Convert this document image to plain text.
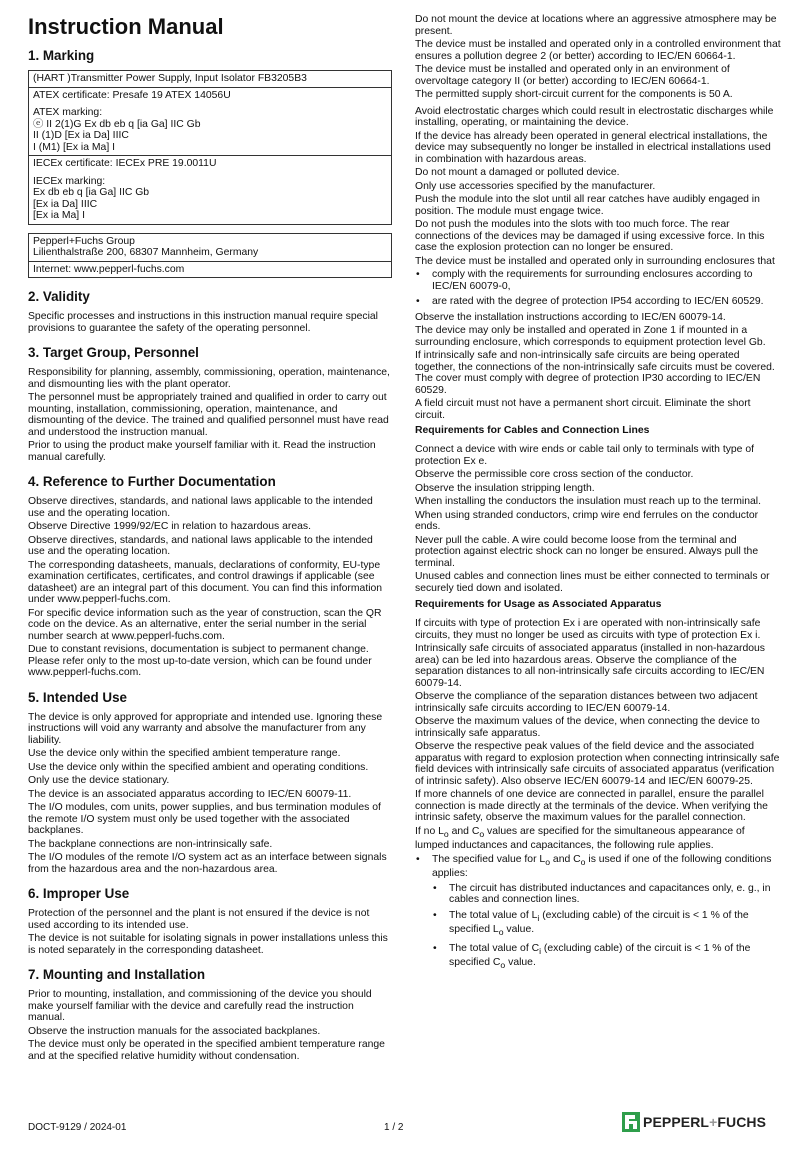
Instruction Manual
1. Marking
(HART )Transmitter Power Supply, Input Isolator FB3205B3
ATEX certificate: Presafe 19 ATEX 14056U
ATEX marking:
ⓔ II 2(1)G Ex db eb q [ia Ga] IIC Gb
II (1)D [Ex ia Da] IIIC
I (M1) [Ex ia Ma] I
IECEx certificate: IECEx PRE 19.0011U
IECEx marking:
Ex db eb q [ia Ga] IIC Gb
[Ex ia Da] IIIC
[Ex ia Ma] I
Pepperl+Fuchs Group
Lilienthalstraße 200, 68307 Mannheim, Germany
Internet: www.pepperl-fuchs.com
2. Validity

Specific processes and instructions in this instruction manual require special provisions to guarantee the safety of the operating personnel.

3. Target Group, Personnel

Responsibility for planning, assembly, commissioning, operation, maintenance, and dismounting lies with the plant operator.

The personnel must be appropriately trained and qualified in order to carry out mounting, installation, commissioning, operation, maintenance, and dismounting of the device. The trained and qualified personnel must have read and understood the instruction manual.

Prior to using the product make yourself familiar with it. Read the instruction manual carefully.

4. Reference to Further Documentation

Observe directives, standards, and national laws applicable to the intended use and the operating location.

Observe Directive 1999/92/EC in relation to hazardous areas.

Observe directives, standards, and national laws applicable to the intended use and the operating location.

The corresponding datasheets, manuals, declarations of conformity, EU-type examination certificates, certificates, and control drawings if applicable (see datasheet) are an integral part of this document. You can find this information under www.pepperl-fuchs.com.

For specific device information such as the year of construction, scan the QR code on the device. As an alternative, enter the serial number in the serial number search at www.pepperl-fuchs.com.

Due to constant revisions, documentation is subject to permanent change. Please refer only to the most up-to-date version, which can be found under www.pepperl-fuchs.com.

5. Intended Use

The device is only approved for appropriate and intended use. Ignoring these instructions will void any warranty and absolve the manufacturer from any liability.

Use the device only within the specified ambient temperature range.

Use the device only within the specified ambient and operating conditions.

Only use the device stationary.

The device is an associated apparatus according to IEC/EN 60079-11.

The I/O modules, com units, power supplies, and bus termination modules of the remote I/O system must only be used together with the associated backplanes.

The backplane connections are non-intrinsically safe.

The I/O modules of the remote I/O system act as an interface between signals from the hazardous area and the non-hazardous area.

6. Improper Use

Protection of the personnel and the plant is not ensured if the device is not used according to its intended use.

The device is not suitable for isolating signals in power installations unless this is noted separately in the corresponding datasheet.

7. Mounting and Installation

Prior to mounting, installation, and commissioning of the device you should make yourself familiar with the device and carefully read the instruction manual.

Observe the instruction manuals for the associated backplanes.

The device must only be operated in the specified ambient temperature range and at the specified relative humidity without condensation.

Do not mount the device at locations where an aggressive atmosphere may be present.

The device must be installed and operated only in a controlled environment that ensures a pollution degree 2 (or better) according to IEC/EN 60664-1.

The device must be installed and operated only in an environment of overvoltage category II (or better) according to IEC/EN 60664-1.

The permitted supply short-circuit current for the components is 50 A.

Avoid electrostatic charges which could result in electrostatic discharges while installing, operating, or maintaining the device.

If the device has already been operated in general electrical installations, the device may subsequently no longer be installed in electrical installations used in combination with hazardous areas.

Do not mount a damaged or polluted device.

Only use accessories specified by the manufacturer.

Push the module into the slot until all rear catches have audibly engaged in position. The module must engage twice.

Do not push the modules into the slots with too much force. The rear connections of the devices may be damaged if using excessive force. In this case the explosion protection can no longer be ensured.

The device must be installed and operated only in surrounding enclosures that

• comply with the requirements for surrounding enclosures according to IEC/EN 60079-0,
• are rated with the degree of protection IP54 according to IEC/EN 60529.

Observe the installation instructions according to IEC/EN 60079-14.

The device may only be installed and operated in Zone 1 if mounted in a surrounding enclosure, which corresponds to equipment protection level Gb.

If intrinsically safe and non-intrinsically safe circuits are being operated together, the connections of the non-intrinsically safe circuits must be covered. The cover must comply with degree of protection IP30 according to IEC/EN 60529.

A field circuit must not have a permanent short circuit. Eliminate the short circuit.

Requirements for Cables and Connection Lines

Connect a device with wire ends or cable tail only to terminals with type of protection Ex e.

Observe the permissible core cross section of the conductor.

Observe the insulation stripping length.

When installing the conductors the insulation must reach up to the terminal.

When using stranded conductors, crimp wire end ferrules on the conductor ends.

Never pull the cable. A wire could become loose from the terminal and protection against electric shock can no longer be ensured. Always pull the terminal.

Unused cables and connection lines must be either connected to terminals or securely tied down and isolated.

Requirements for Usage as Associated Apparatus

If circuits with type of protection Ex i are operated with non-intrinsically safe circuits, they must no longer be used as circuits with type of protection Ex i.

Intrinsically safe circuits of associated apparatus (installed in non-hazardous area) can be led into hazardous areas. Observe the compliance of the separation distances to all non-intrinsically safe circuits according to IEC/EN 60079-14.

Observe the compliance of the separation distances between two adjacent intrinsically safe circuits according to IEC/EN 60079-14.

Observe the maximum values of the device, when connecting the device to intrinsically safe apparatus.

Observe the respective peak values of the field device and the associated apparatus with regard to explosion protection when connecting intrinsically safe field devices with intrinsically safe circuits of associated apparatus (verification of intrinsic safety). Also observe IEC/EN 60079-14 and IEC/EN 60079-25.

If more channels of one device are connected in parallel, ensure the parallel connection is made directly at the terminals of the device. When verifying the intrinsic safety, observe the maximum values for the parallel connection.

If no $L_o$ and $C_o$ values are specified for the simultaneous appearance of lumped inductances and capacitances, the following rule applies.

• The specified value for $L_o$ and $C_o$ is used if one of the following conditions applies:
• The circuit has distributed inductances and capacitances only, e. g., in cables and connection lines.
• The total value of $L_i$ (excluding cable) of the circuit is < 1 % of the specified $L_o$ value.
• The total value of $C_i$ (excluding cable) of the circuit is < 1 % of the specified $C_o$ value.
DOCT-9129 / 2024-01	1 / 2	PEPPERL+FUCHS
